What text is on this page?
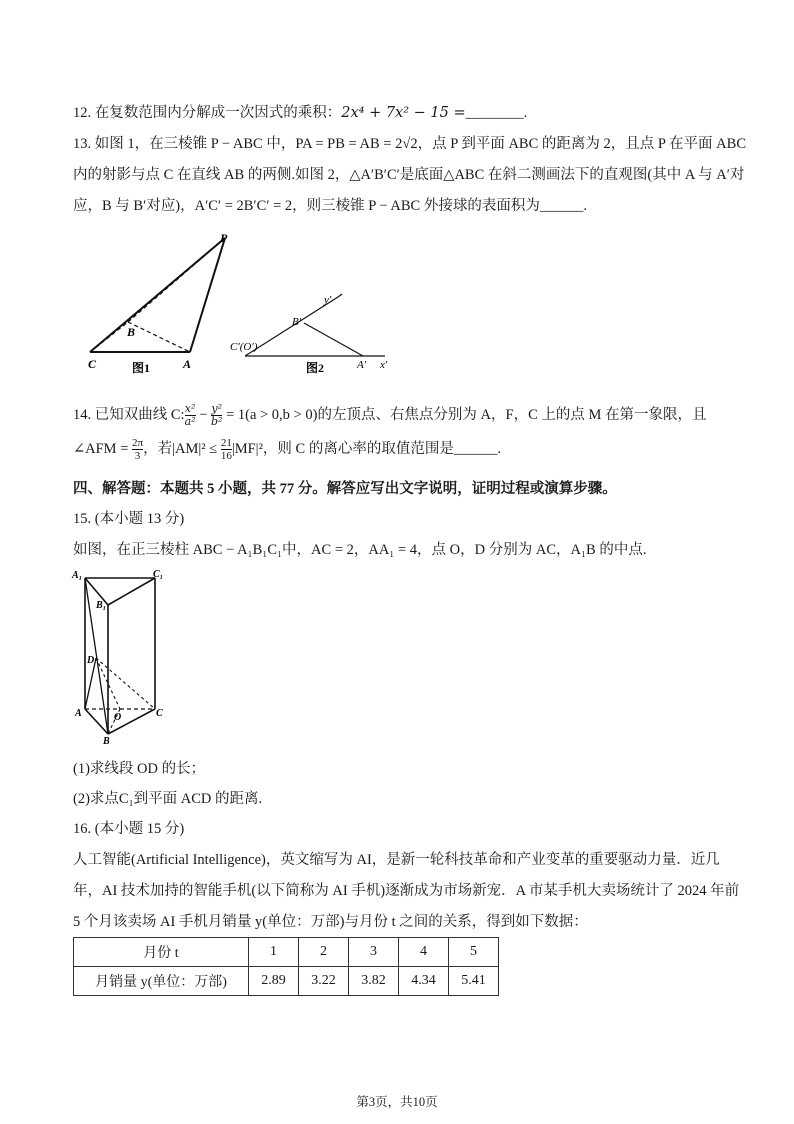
12. 在复数范围内分解成一次因式的乘积：2x⁴ + 7x² − 15 =________.
13. 如图 1，在三棱锥 P − ABC 中，PA = PB = AB = 2√2，点 P 到平面 ABC 的距离为 2，且点 P 在平面 ABC
内的射影与点 C 在直线 AB 的两侧.如图 2，△A′B′C′是底面△ABC 在斜二测画法下的直观图(其中 A 与 A′对
应，B 与 B′对应)，A′C′ = 2B′C′ = 2，则三棱锥 P − ABC 外接球的表面积为______.
P
B
C	A
图1
y′
B′
C′(O′)
A′ x′
图2
14. 已知双曲线 C: $\frac{\text{x²}}{\text{a²}} - \frac{\text{y²}}{\text{b²}} = 1(a > 0,b > 0)$的左顶点、右焦点分别为 A，F，C 上的点 M 在第一象限，且
∠AFM = $\frac{2\pi}{3}$ ，若$|AM|^2 \le \frac{21}{16} |MF|^2$，则 C 的离心率的取值范围是______.
四、解答题：本题共 5 小题，共 77 分。解答应写出文字说明，证明过程或演算步骤。
15. (本小题 13 分)
如图，在正三棱柱 ABC − A₁B₁C₁中，AC = 2，AA₁ = 4，点 O，D 分别为 AC，A₁B 的中点.
A₁	C₁
B₁
D
A	O	C
B
(1)求线段 OD 的长；
(2)求点C₁到平面 ACD 的距离.
16. (本小题 15 分)
人工智能(Artificial Intelligence)，英文缩写为 AI，是新一轮科技革命和产业变革的重要驱动力量．近几
年，AI 技术加持的智能手机(以下简称为 AI 手机)逐渐成为市场新宠．A 市某手机大卖场统计了 2024 年前
5 个月该卖场 AI 手机月销量 y(单位：万部)与月份 t 之间的关系，得到如下数据：
月份 t	1	2	3	4	5
月销量 y(单位：万部)	2.89	3.22	3.82	4.34	5.41
第3页，共10页
